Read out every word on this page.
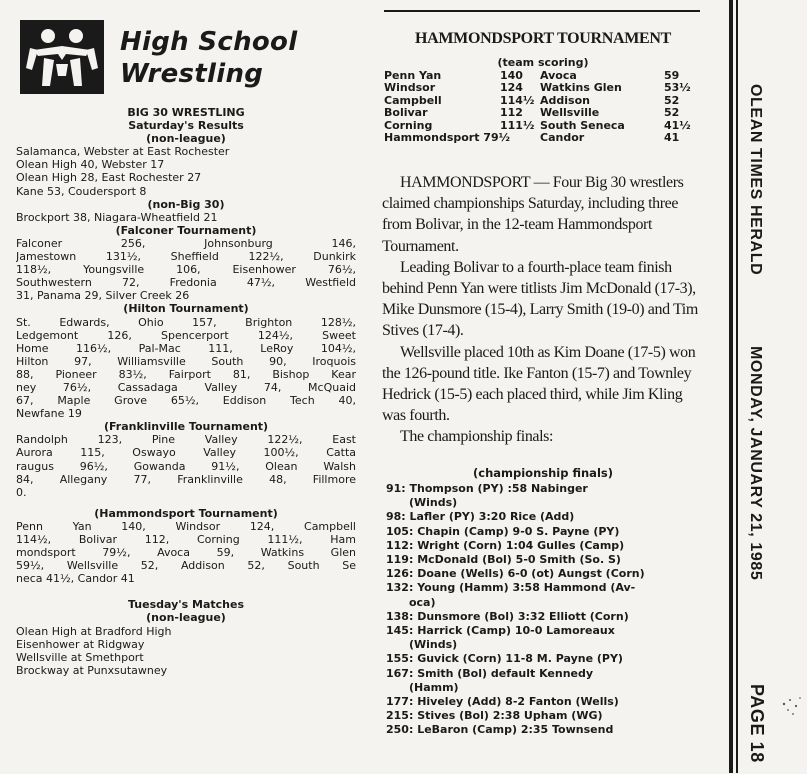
High School
Wrestling
BIG 30 WRESTLING
Saturday's Results
(non-league)
Salamanca, Webster at East Rochester
Olean High 40, Webster 17
Olean High 28, East Rochester 27
Kane 53, Coudersport 8
(non-Big 30)
Brockport 38, Niagara-Wheatfield 21
(Falconer Tournament)
Falconer 256, Johnsonburg 146,
Jamestown 131½, Sheffield 122½, Dunkirk
118½, Youngsville 106, Eisenhower 76½,
Southwestern 72, Fredonia 47½, Westfield
31, Panama 29, Silver Creek 26
(Hilton Tournament)
St. Edwards, Ohio 157, Brighton 128½,
Ledgemont 126, Spencerport 124½, Sweet
Home 116½, Pal-Mac 111, LeRoy 104½,
Hilton 97, Williamsville South 90, Iroquois
88, Pioneer 83½, Fairport 81, Bishop Kear
ney 76½, Cassadaga Valley 74, McQuaid
67, Maple Grove 65½, Eddison Tech 40,
Newfane 19
(Franklinville Tournament)
Randolph 123, Pine Valley 122½, East
Aurora 115, Oswayo Valley 100½, Catta
raugus 96½, Gowanda 91½, Olean Walsh
84, Allegany 77, Franklinville 48, Fillmore
0.
(Hammondsport Tournament)
Penn Yan 140, Windsor 124, Campbell
114½, Bolivar 112, Corning 111½, Ham
mondsport 79½, Avoca 59, Watkins Glen
59½, Wellsville 52, Addison 52, South Se
neca 41½, Candor 41
Tuesday's Matches
(non-league)
Olean High at Bradford High
Eisenhower at Ridgway
Wellsville at Smethport
Brockway at Punxsutawney
HAMMONDSPORT TOURNAMENT
(team scoring)
Penn Yan	140 Avoca	59
Windsor	124 Watkins Glen	53½
Campbell	114½ Addison	52
Bolivar	112 Wellsville	52
Corning	111½ South Seneca	41½
Hammondsport 79½	Candor	41

HAMMONDSPORT — Four Big 30 wrestlers claimed championships Saturday, including three from Bolivar, in the 12-team Hammondsport Tournament.

Leading Bolivar to a fourth-place team finish behind Penn Yan were titlists Jim McDonald (17-3), Mike Dunsmore (15-4), Larry Smith (19-0) and Tim Stives (17-4).

Wellsville placed 10th as Kim Doane (17-5) won the 126-pound title. Ike Fanton (15-7) and Townley Hedrick (15-5) each placed third, while Jim Kling was fourth.

The championship finals:

(championship finals)
91: Thompson (PY) :58 Nabinger
(Winds)
98: Lafler (PY) 3:20 Rice (Add)
105: Chapin (Camp) 9-0 S. Payne (PY)
112: Wright (Corn) 1:04 Gulles (Camp)
119: McDonald (Bol) 5-0 Smith (So. S)
126: Doane (Wells) 6-0 (ot) Aungst (Corn)
132: Young (Hamm) 3:58 Hammond (Av-
oca)
138: Dunsmore (Bol) 3:32 Elliott (Corn)
145: Harrick (Camp) 10-0 Lamoreaux
(Winds)
155: Guvick (Corn) 11-8 M. Payne (PY)
167: Smith (Bol) default Kennedy
(Hamm)
177: Hiveley (Add) 8-2 Fanton (Wells)
215: Stives (Bol) 2:38 Upham (WG)
250: LeBaron (Camp) 2:35 Townsend
OLEAN TIMES HERALD
MONDAY, JANUARY 21, 1985
PAGE 18
